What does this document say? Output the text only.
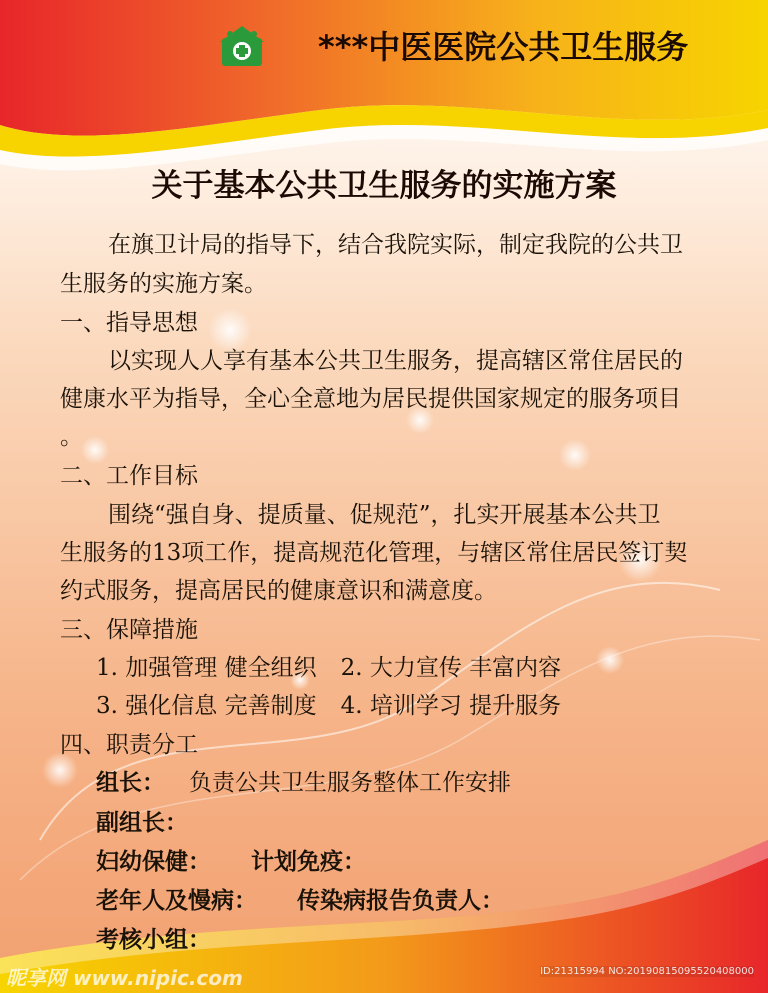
***中医医院公共卫生服务
关于基本公共卫生服务的实施方案
在旗卫计局的指导下，结合我院实际，制定我院的公共卫
生服务的实施方案。
一、指导思想
以实现人人享有基本公共卫生服务，提高辖区常住居民的
健康水平为指导，全心全意地为居民提供国家规定的服务项目
。
二、工作目标
围绕“强自身、提质量、促规范”，扎实开展基本公共卫
生服务的13项工作，提高规范化管理，与辖区常住居民签订契
约式服务，提高居民的健康意识和满意度。
三、保障措施
1. 加强管理 健全组织 2. 大力宣传 丰富内容
3. 强化信息 完善制度 4. 培训学习 提升服务
四、职责分工
组长： 负责公共卫生服务整体工作安排
副组长：
妇幼保健： 计划免疫：
老年人及慢病： 传染病报告负责人：
考核小组：
昵享网 www.nipic.com	ID:21315994 NO:20190815095520408000
